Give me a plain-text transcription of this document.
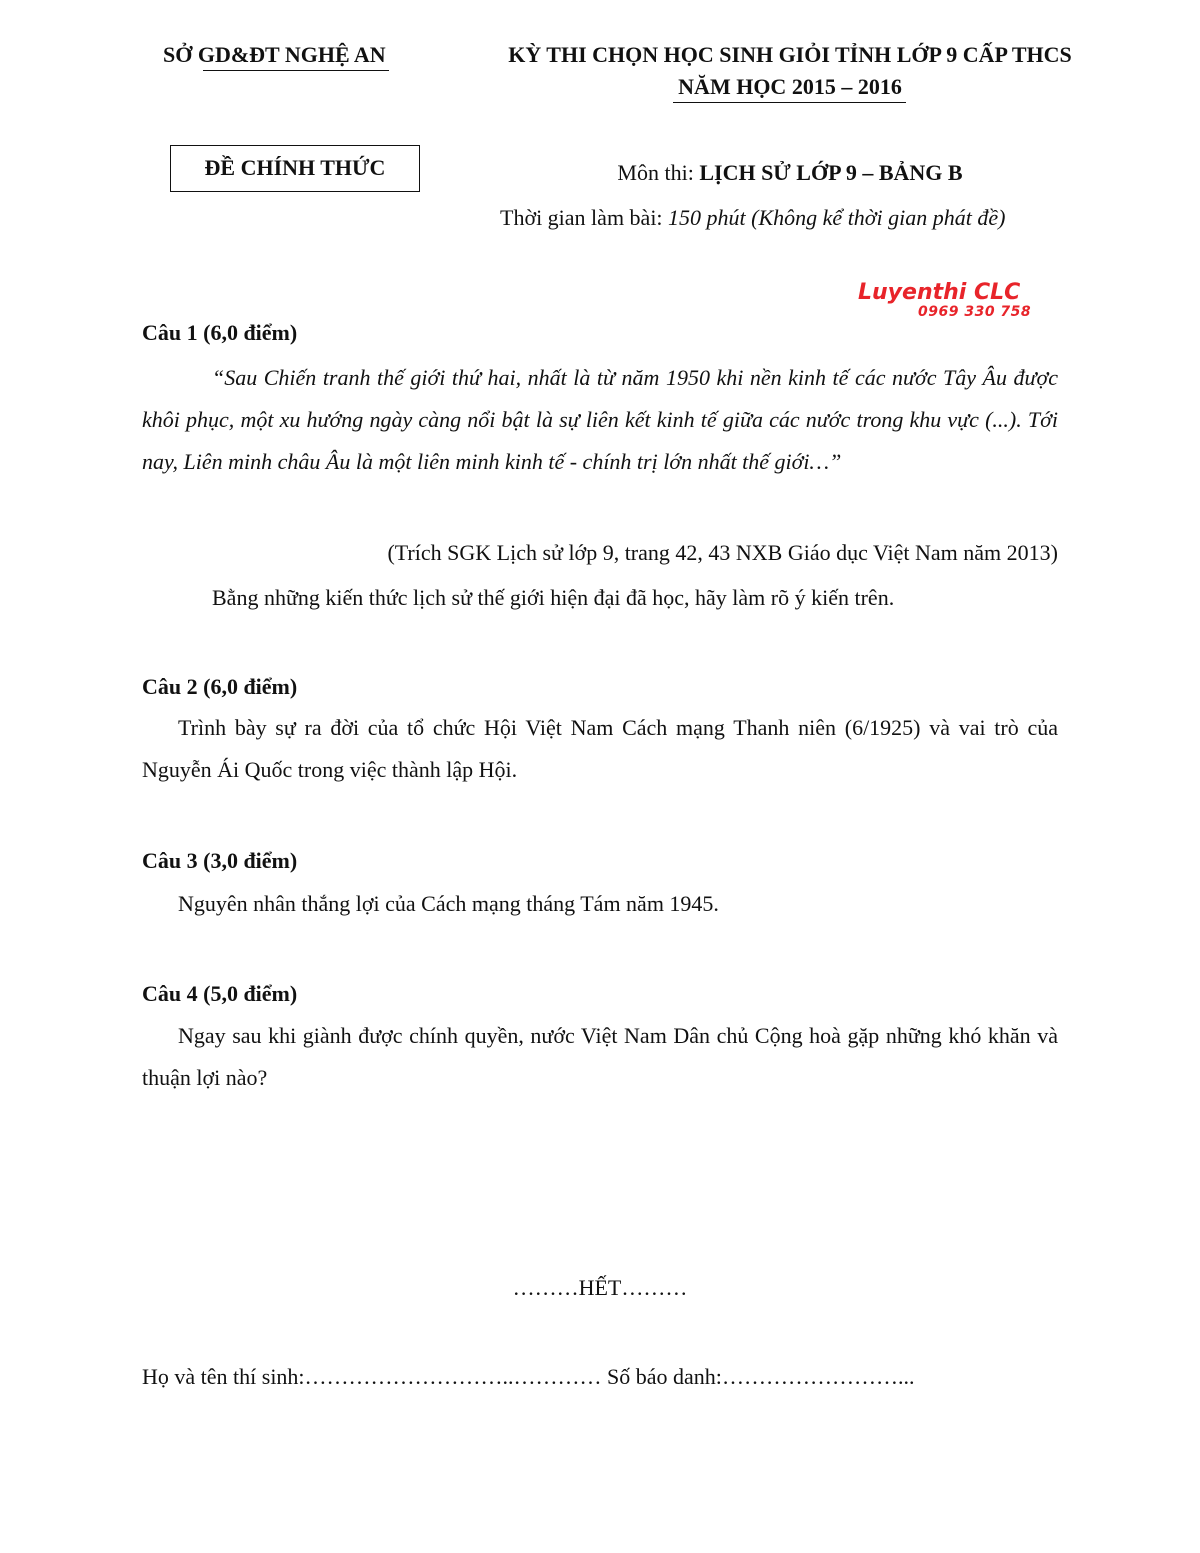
SỞ GD&ĐT NGHỆ AN	KỲ THI CHỌN HỌC SINH GIỎI TỈNH LỚP 9 CẤP THCS
NĂM HỌC 2015 – 2016
ĐỀ CHÍNH THỨC	Môn thi: LỊCH SỬ LỚP 9 – BẢNG B
Thời gian làm bài: 150 phút (Không kể thời gian phát đề)
Luyenthi CLC
0969 330 758
Câu 1 (6,0 điểm)
“Sau Chiến tranh thế giới thứ hai, nhất là từ năm 1950 khi nền kinh tế các nước Tây Âu được khôi phục, một xu hướng ngày càng nổi bật là sự liên kết kinh tế giữa các nước trong khu vực (...). Tới nay, Liên minh châu Âu là một liên minh kinh tế - chính trị lớn nhất thế giới…”
(Trích SGK Lịch sử lớp 9, trang 42, 43 NXB Giáo dục Việt Nam năm 2013)
Bằng những kiến thức lịch sử thế giới hiện đại đã học, hãy làm rõ ý kiến trên.
Câu 2 (6,0 điểm)
Trình bày sự ra đời của tổ chức Hội Việt Nam Cách mạng Thanh niên (6/1925) và vai trò của Nguyễn Ái Quốc trong việc thành lập Hội.
Câu 3 (3,0 điểm)
Nguyên nhân thắng lợi của Cách mạng tháng Tám năm 1945.
Câu 4 (5,0 điểm)
Ngay sau khi giành được chính quyền, nước Việt Nam Dân chủ Cộng hoà gặp những khó khăn và thuận lợi nào?
………HẾT………
Họ và tên thí sinh:………………………..………… Số báo danh:……………………...
